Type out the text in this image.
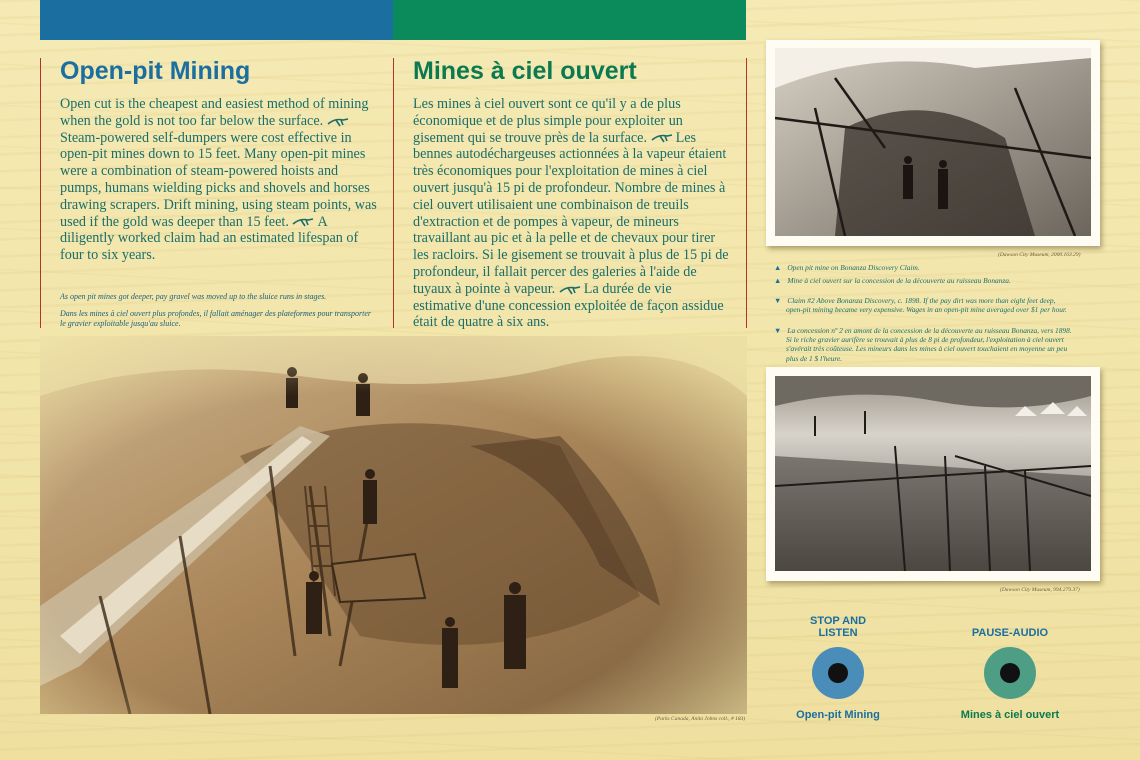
Open-pit Mining

Open cut is the cheapest and easiest method of mining when the gold is not too far below the surface. Steam-powered self-dumpers were cost effective in open-pit mines down to 15 feet. Many open-pit mines were a combination of steam-powered hoists and pumps, humans wielding picks and shovels and horses drawing scrapers. Drift mining, using steam points, was used if the gold was deeper than 15 feet. A diligently worked claim had an estimated lifespan of four to six years.

As open pit mines got deeper, pay gravel was moved up to the sluice runs in stages.

Dans les mines à ciel ouvert plus profondes, il fallait aménager des plateformes pour transporter le gravier exploitable jusqu'au sluice.

Mines à ciel ouvert

Les mines à ciel ouvert sont ce qu'il y a de plus économique et de plus simple pour exploiter un gisement qui se trouve près de la surface. Les bennes autodéchargeuses actionnées à la vapeur étaient très économiques pour l'exploitation de mines à ciel ouvert jusqu'à 15 pi de profondeur. Nombre de mines à ciel ouvert utilisaient une combinaison de treuils d'extraction et de pompes à vapeur, de mineurs travaillant au pic et à la pelle et de chevaux pour tirer les racloirs. Si le gisement se trouvait à plus de 15 pi de profondeur, il fallait percer des galeries à l'aide de tuyaux à pointe à vapeur. La durée de vie estimative d'une concession exploitée de façon assidue était de quatre à six ans.

(Parks Canada, Anita Johns coll., # 183)
(Dawson City Museum, 2000.163.29)

▲ Open pit mine on Bonanza Discovery Claim.

▲ Mine à ciel ouvert sur la concession de la découverte au ruisseau Bonanza.

▼ Claim #2 Above Bonanza Discovery, c. 1898. If the pay dirt was more than eight feet deep, open-pit mining became very expensive. Wages in an open-pit mine averaged over $1 per hour.

▼ La concession nº 2 en amont de la concession de la découverte au ruisseau Bonanza, vers 1898. Si le riche gravier aurifère se trouvait à plus de 8 pi de profondeur, l'exploitation à ciel ouvert s'avérait très coûteuse. Les mineurs dans les mines à ciel ouvert touchaient en moyenne un peu plus de 1 $ l'heure.

(Dawson City Museum, 994.279.37)
STOP AND LISTEN	PAUSE-AUDIO
Open-pit Mining	Mines à ciel ouvert
